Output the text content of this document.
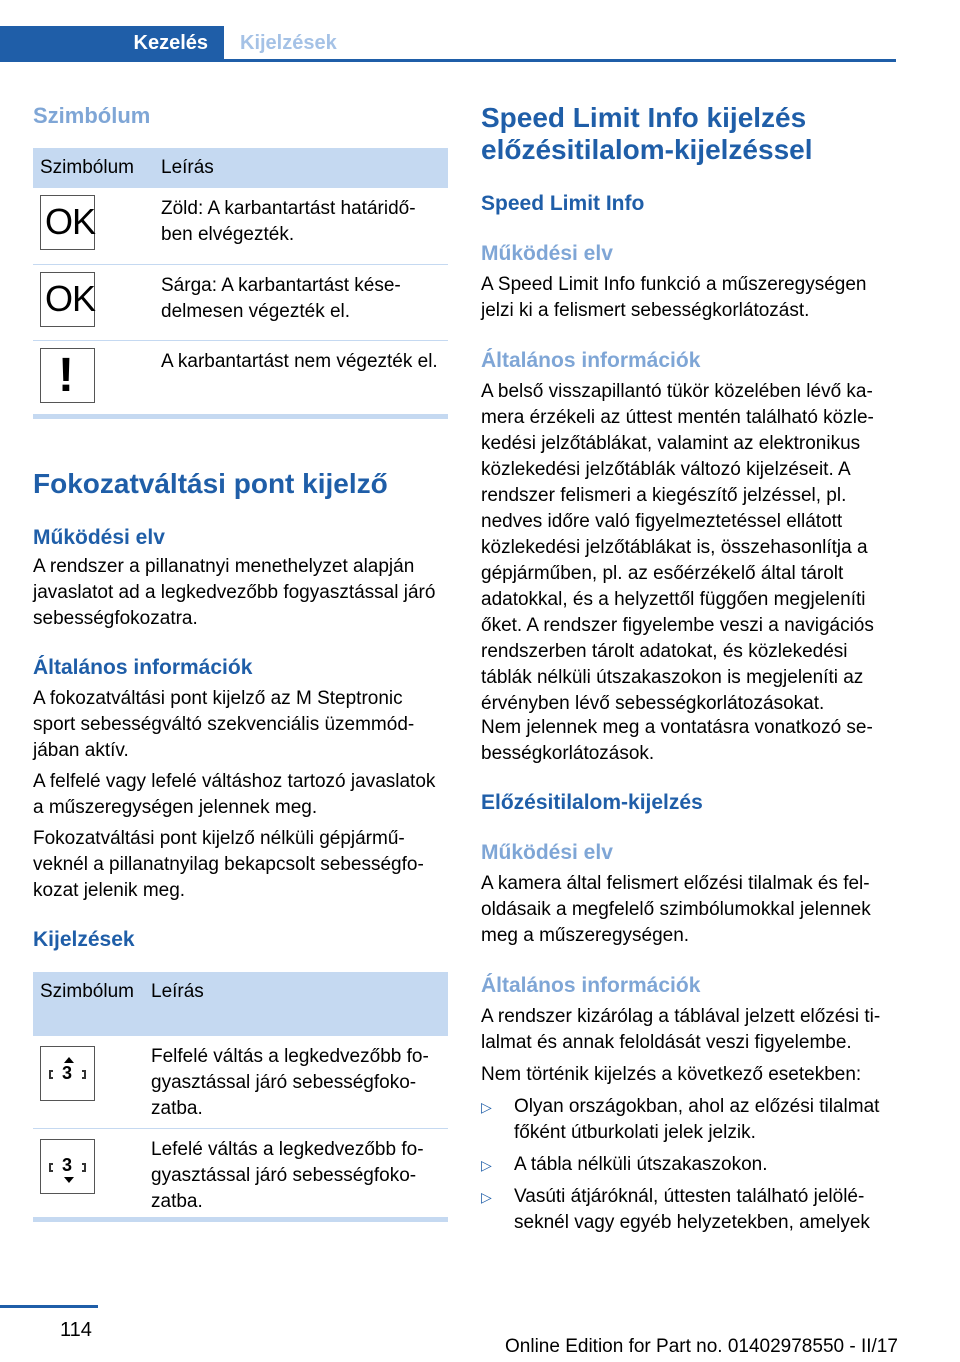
Kezelés	Kijelzések
Szimbólum
Szimbólum	Leírás

OK	Zöld: A karbantartást határidőben elvégezték.

OK	Sárga: A karbantartást késedelmesen végezték el.

!	A karbantartást nem végezték el.
Fokozatváltási pont kijelző
Működési elv
A rendszer a pillanatnyi menethelyzet alapján javaslatot ad a legkedvezőbb fogyasztással járó sebességfokozatra.
Általános információk
A fokozatváltási pont kijelző az M Steptronic sport sebességváltó szekvenciális üzemmódjában aktív.
A felfelé vagy lefelé váltáshoz tartozó javaslatok a műszeregységen jelennek meg.
Fokozatváltási pont kijelző nélküli gépjárműveknél a pillanatnyilag bekapcsolt sebességfokozat jelenik meg.
Kijelzések
Szimbólum	Leírás

3	Felfelé váltás a legkedvezőbb fogyasztással járó sebességfokozatba.

3	Lefelé váltás a legkedvezőbb fogyasztással járó sebességfokozatba.
Speed Limit Info kijelzés előzésitilalom-kijelzéssel
Speed Limit Info
Működési elv
A Speed Limit Info funkció a műszeregységen jelzi ki a felismert sebességkorlátozást.
Általános információk
A belső visszapillantó tükör közelében lévő kamera érzékeli az úttest mentén található közlekedési jelzőtáblákat, valamint az elektronikus közlekedési jelzőtáblák változó kijelzéseit. A rendszer felismeri a kiegészítő jelzéssel, pl. nedves időre való figyelmeztetéssel ellátott közlekedési jelzőtáblákat is, összehasonlítja a gépjárműben, pl. az esőérzékelő által tárolt adatokkal, és a helyzettől függően megjeleníti őket. A rendszer figyelembe veszi a navigációs rendszerben tárolt adatokat, és közlekedési táblák nélküli útszakaszokon is megjeleníti az érvényben lévő sebességkorlátozásokat.
Nem jelennek meg a vontatásra vonatkozó sebességkorlátozások.
Előzésitilalom-kijelzés
Működési elv
A kamera által felismert előzési tilalmak és feloldásaik a megfelelő szimbólumokkal jelennek meg a műszeregységen.
Általános információk
A rendszer kizárólag a táblával jelzett előzési tilalmat és annak feloldását veszi figyelembe.
Nem történik kijelzés a következő esetekben:
▷ Olyan országokban, ahol az előzési tilalmat főként útburkolati jelek jelzik.
▷ A tábla nélküli útszakaszokon.
▷ Vasúti átjáróknál, úttesten található jelöléseknél vagy egyéb helyzetekben, amelyek
114
Online Edition for Part no. 01402978550 - II/17
